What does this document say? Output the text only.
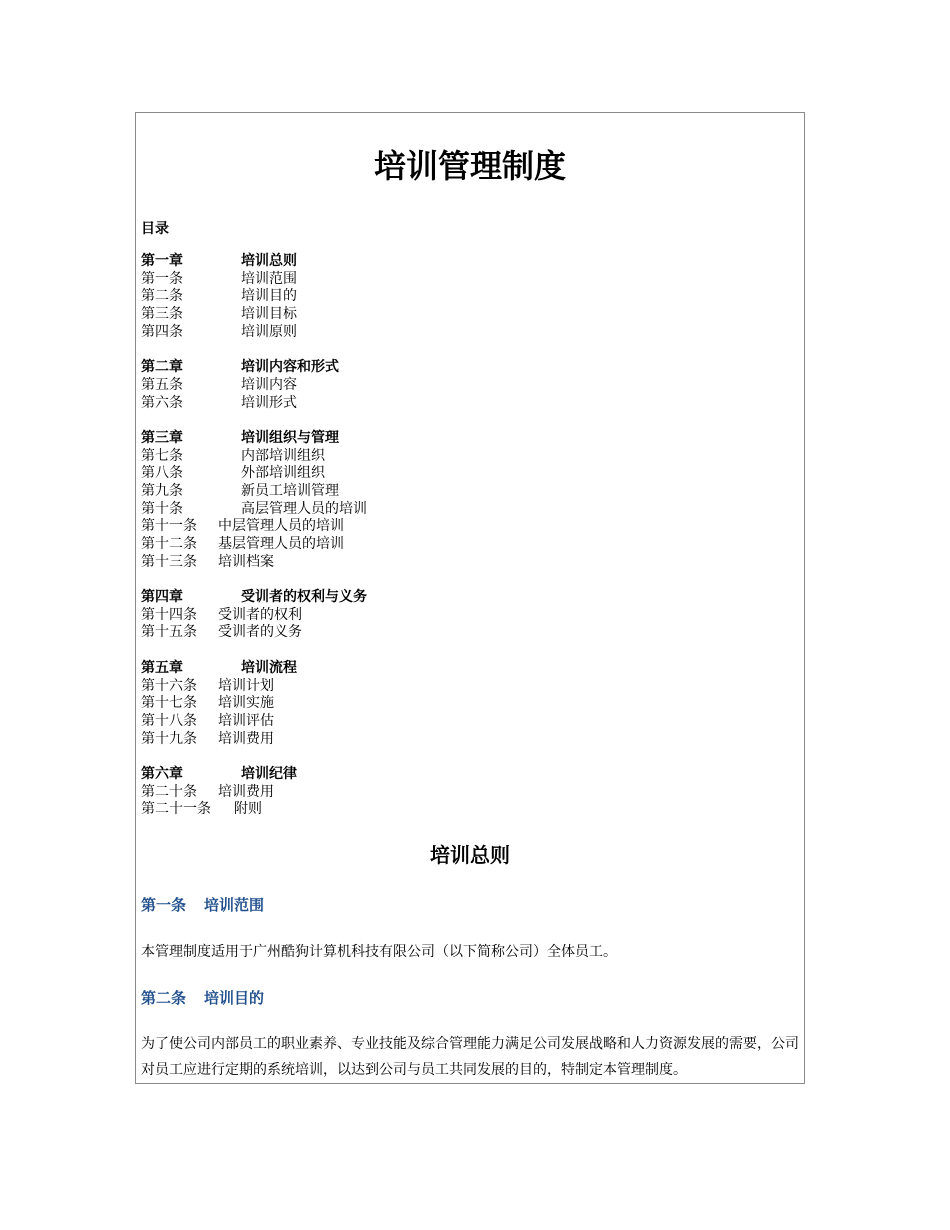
培训管理制度
目录
第一章	培训总则
第一条	培训范围
第二条	培训目的
第三条	培训目标
第四条	培训原则
第二章	培训内容和形式
第五条	培训内容
第六条	培训形式
第三章	培训组织与管理
第七条	内部培训组织
第八条	外部培训组织
第九条	新员工培训管理
第十条	高层管理人员的培训
第十一条 中层管理人员的培训
第十二条 基层管理人员的培训
第十三条 培训档案
第四章	受训者的权利与义务
第十四条 受训者的权利
第十五条 受训者的义务
第五章	培训流程
第十六条 培训计划
第十七条 培训实施
第十八条 培训评估
第十九条 培训费用
第六章	培训纪律
第二十条 培训费用
第二十一条 附则
培训总则
第一条 培训范围
本管理制度适用于广州酷狗计算机科技有限公司（以下简称公司）全体员工。
第二条 培训目的
为了使公司内部员工的职业素养、专业技能及综合管理能力满足公司发展战略和人力资源发展的需要，公司对员工应进行定期的系统培训，以达到公司与员工共同发展的目的，特制定本管理制度。
